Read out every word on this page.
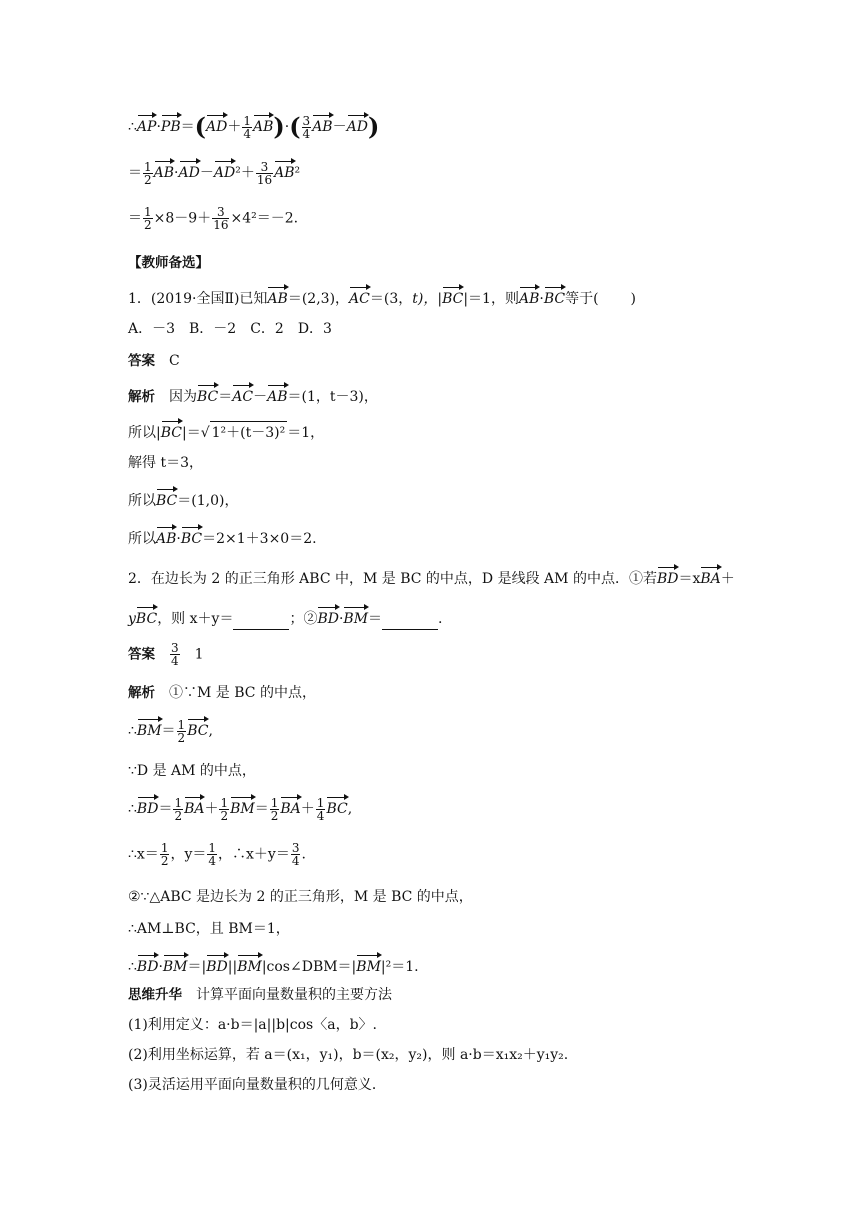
∴AP·PB＝(AD＋ $\frac{1}{4} AB)\cdot( \frac{3}{4} AB-AD)$
＝ $\frac{1}{2} AB\cdot AD-AD^2+ \frac{3}{16} AB^2$
＝ $\frac{1}{2} \times 8-9+ \frac{3}{16} \times 4^2=-2$.
【教师备选】
1．(2019·全国Ⅱ)已知AB＝(2,3)，AC＝(3，t)，|BC|＝1，则AB·BC等于( )
A．－3　B．－2　C．2　D．3
答案　 C
解析　 因为BC＝AC－AB＝(1，t－3)，
所以|BC|＝√ 1²＋(t－3)² ＝1，
解得 t＝3，
所以BC＝(1,0)，
所以AB·BC＝2×1＋3×0＝2.
2．在边长为 2 的正三角形 ABC 中，M 是 BC 的中点，D 是线段 AM 的中点．①若BD＝xBA＋
yBC，则 x＋y＝	；②BD·BM＝	.
答案　 $\frac{3}{4}$
　 1
解析　 ①∵M 是 BC 的中点，
∴BM＝ $\frac{1}{2}$ BC,
∵D 是 AM 的中点，
∴BD＝ $\frac{1}{2} BA+ \frac{1}{2} BM= \frac{1}{2} BA+ \frac{1}{4}$ BC,
∴x＝ $\frac{1}{2}$ ，$y= \frac{1}{4}$ ，∴x＋y＝ $\frac{3}{4}$ .
②∵△ABC 是边长为 2 的正三角形，M 是 BC 的中点，
∴AM⊥BC，且 BM＝1，
∴BD·BM＝|BD||BM|cos∠DBM＝|BM|²＝1.
思维升华　 计算平面向量数量积的主要方法
(1)利用定义：a·b＝|a||b|cos〈a，b〉.
(2)利用坐标运算，若 a＝(x₁，y₁)，b＝(x₂，y₂)，则 a·b＝x₁x₂＋y₁y₂.
(3)灵活运用平面向量数量积的几何意义．
